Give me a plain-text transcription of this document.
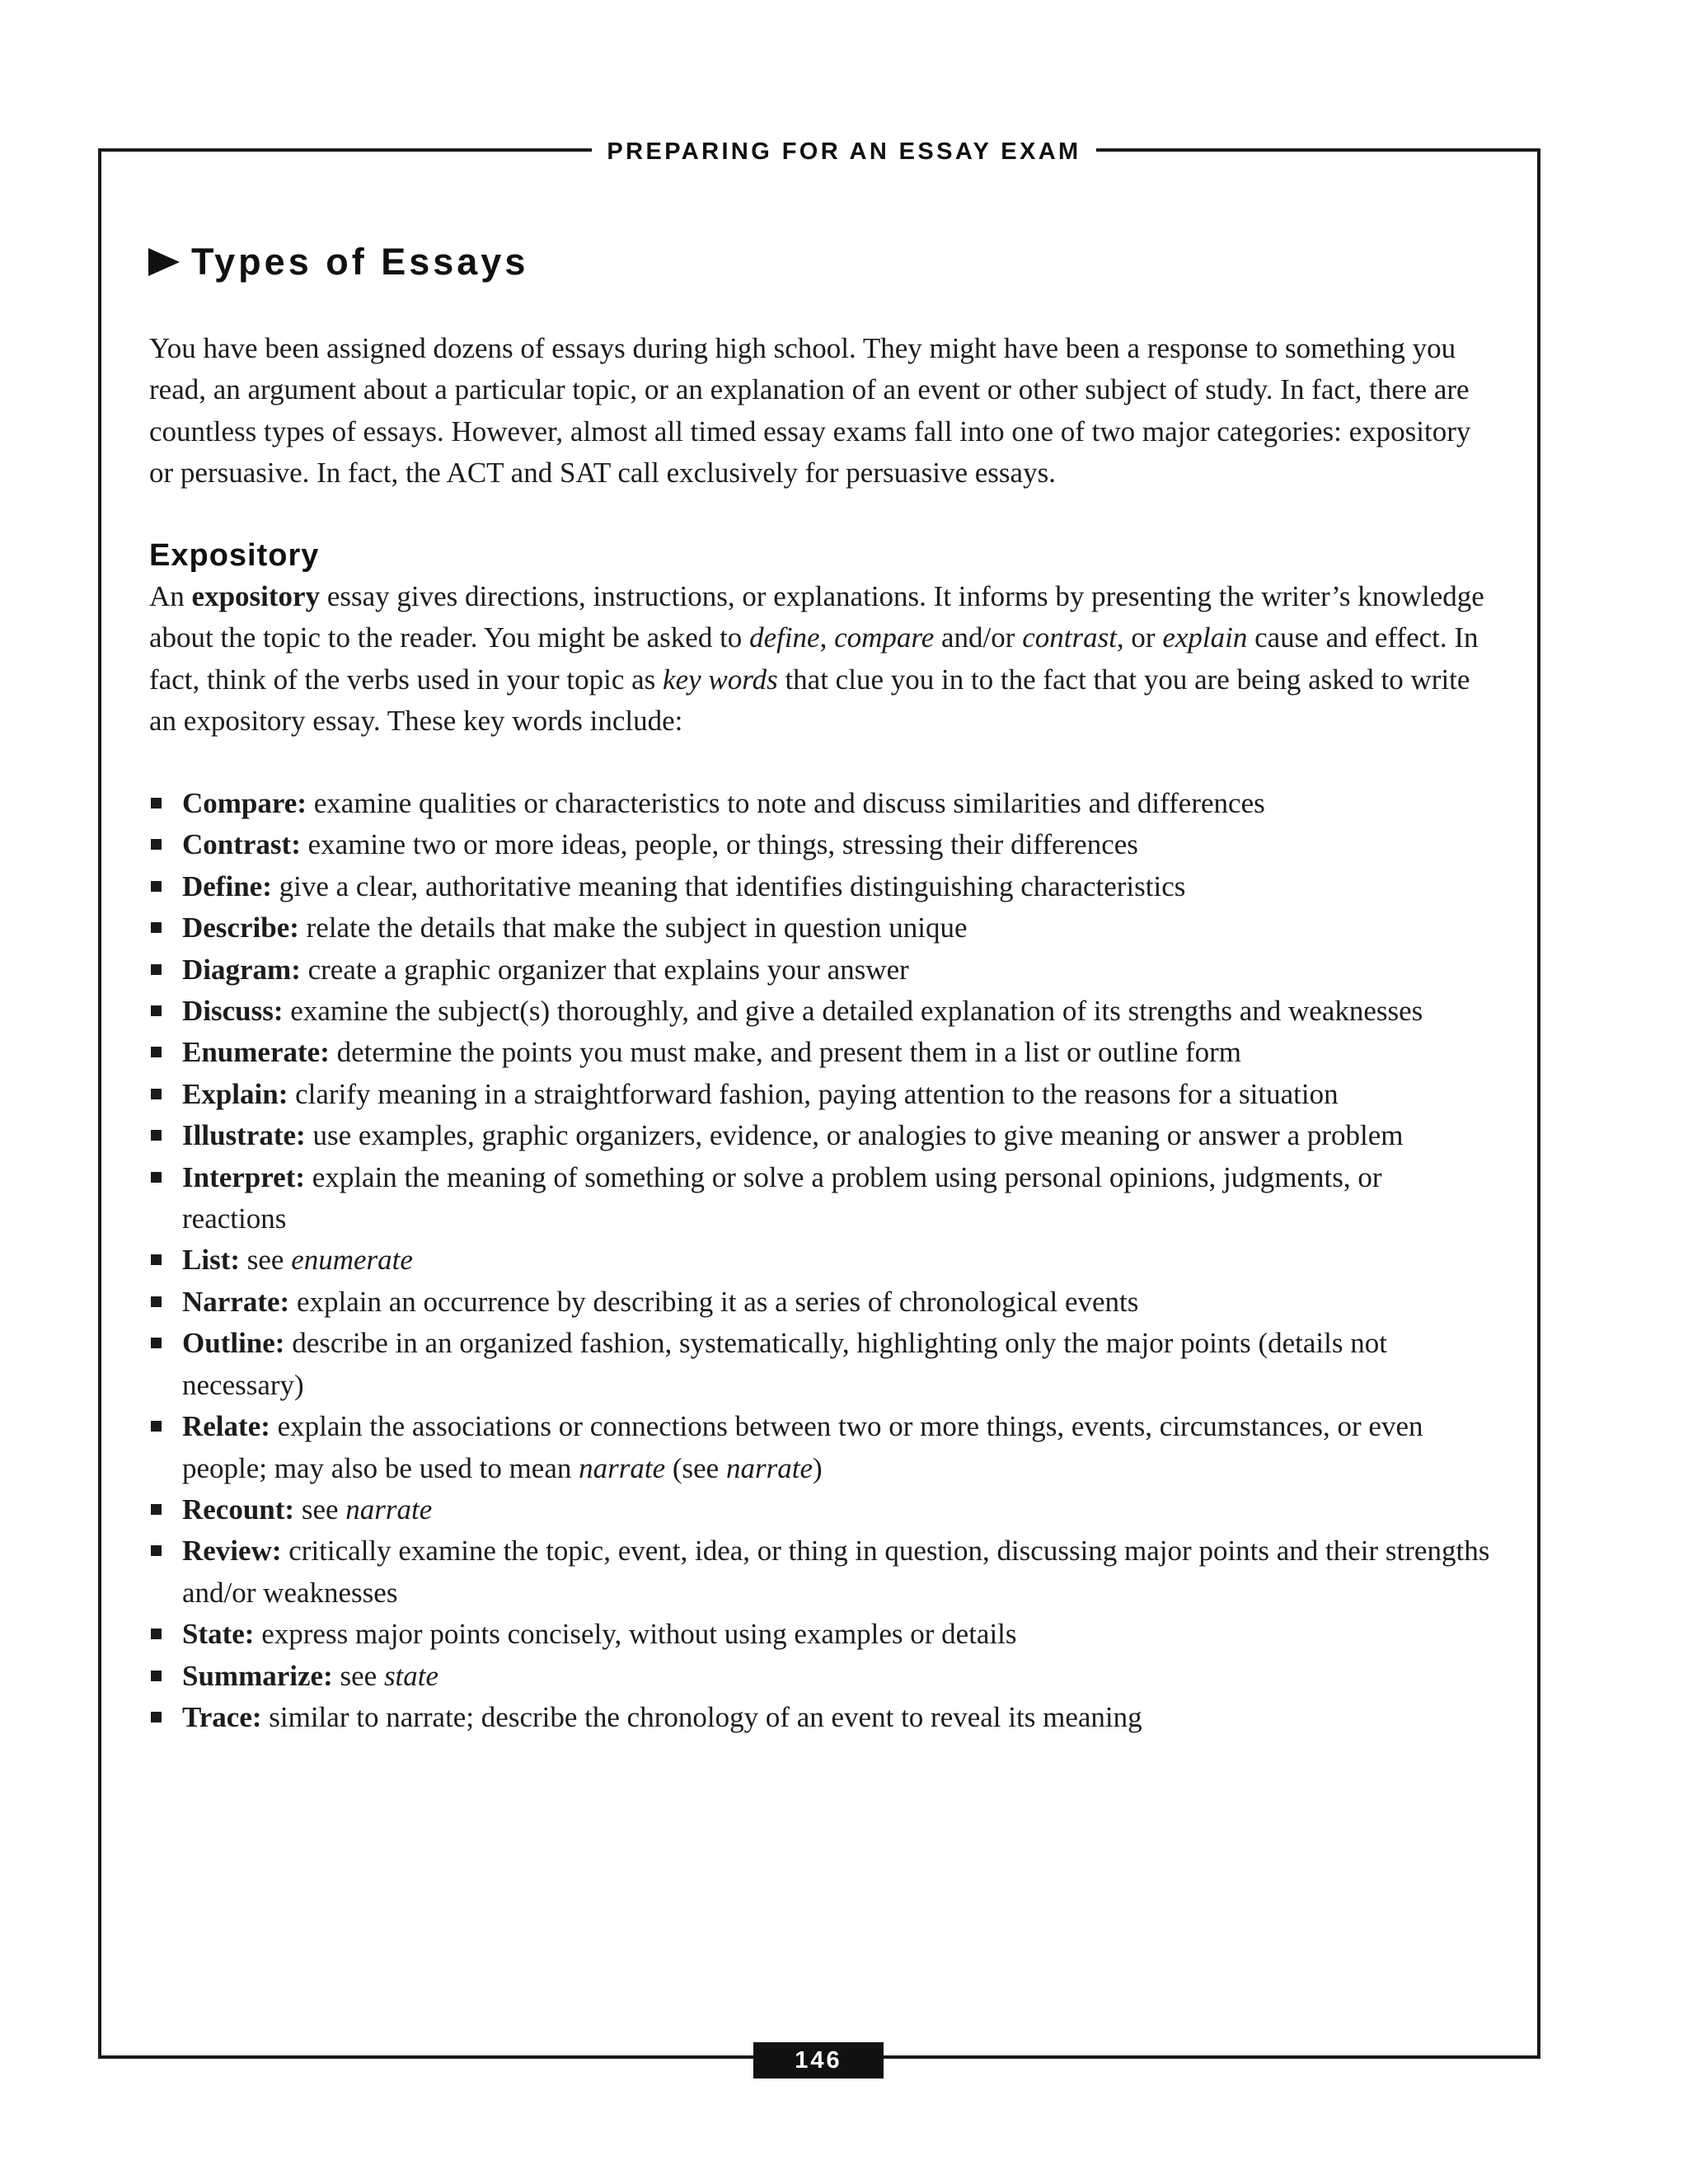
PREPARING FOR AN ESSAY EXAM
Types of Essays

You have been assigned dozens of essays during high school. They might have been a response to something you read, an argument about a particular topic, or an explanation of an event or other subject of study. In fact, there are countless types of essays. However, almost all timed essay exams fall into one of two major categories: expository or persuasive. In fact, the ACT and SAT call exclusively for persuasive essays.

Expository

An expository essay gives directions, instructions, or explanations. It informs by presenting the writer’s knowledge about the topic to the reader. You might be asked to define, compare and/or contrast, or explain cause and effect. In fact, think of the verbs used in your topic as key words that clue you in to the fact that you are being asked to write an expository essay. These key words include:

Compare: examine qualities or characteristics to note and discuss similarities and differences
Contrast: examine two or more ideas, people, or things, stressing their differences
Define: give a clear, authoritative meaning that identifies distinguishing characteristics
Describe: relate the details that make the subject in question unique
Diagram: create a graphic organizer that explains your answer
Discuss: examine the subject(s) thoroughly, and give a detailed explanation of its strengths and weaknesses
Enumerate: determine the points you must make, and present them in a list or outline form
Explain: clarify meaning in a straightforward fashion, paying attention to the reasons for a situation
Illustrate: use examples, graphic organizers, evidence, or analogies to give meaning or answer a problem
Interpret: explain the meaning of something or solve a problem using personal opinions, judgments, or reactions
List: see enumerate
Narrate: explain an occurrence by describing it as a series of chronological events
Outline: describe in an organized fashion, systematically, highlighting only the major points (details not necessary)
Relate: explain the associations or connections between two or more things, events, circumstances, or even people; may also be used to mean narrate (see narrate)
Recount: see narrate
Review: critically examine the topic, event, idea, or thing in question, discussing major points and their strengths and/or weaknesses
State: express major points concisely, without using examples or details
Summarize: see state
Trace: similar to narrate; describe the chronology of an event to reveal its meaning
146
